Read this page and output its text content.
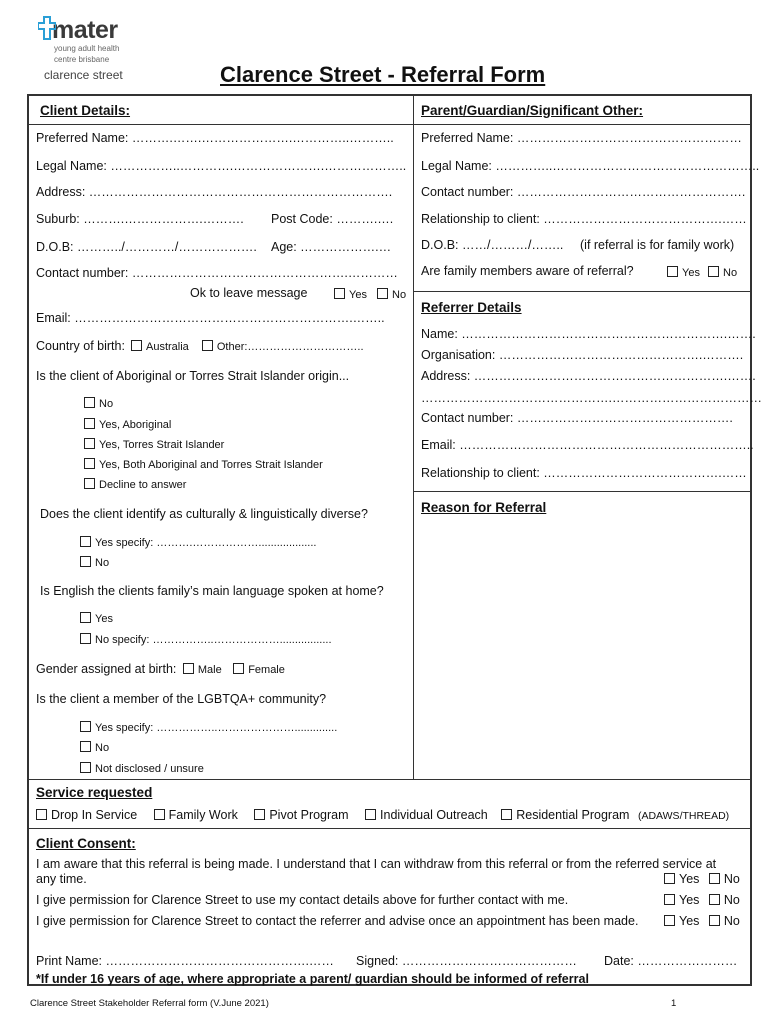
mater
young adult health
centre brisbane
clarence street	Clarence Street - Referral Form
Client Details:
Preferred Name: ……….…….………………….…………..………..
Legal Name: ……………..………….………………….………………..
Address: ……………………………………………………………….
Suburb: ……….……………….………. Post Code: ……….….
D.O.B: ………../…………/………………. Age: ……………….…
Contact number: …………………………………………….…………
Ok to leave message	Yes	No
Email: ………………………………………………………….……..
Country of birth: Australia	Other:…………………………..
Is the client of Aboriginal or Torres Strait Islander origin...
No
Yes, Aboriginal
Yes, Torres Strait Islander
Yes, Both Aboriginal and Torres Strait Islander
Decline to answer
Does the client identify as culturally & linguistically diverse?
Yes specify: ……….………………...................
No
Is English the clients family’s main language spoken at home?
Yes
No specify: ……………..……………….................
Gender assigned at birth: Male Female
Is the client a member of the LGBTQA+ community?
Yes specify: ……………..…………………..............
No
Not disclosed / unsure
Parent/Guardian/Significant Other:
Preferred Name: ………………………………………………
Legal Name: …………..…………………………………………..
Contact number: ……………………………………………….
Relationship to client: …………………………………….……
D.O.B: ……/………/…….. (if referral is for family work)
Are family members aware of referral?	Yes	No
Referrer Details
Name: ……………………………………………………….…….
Organisation: ………………………………………….……….
Address: …………………………………………………….…….
……………………………………….………………………………
Contact number: …………………………………………….
Email: ……………………………………………………………..
Relationship to client: …………………………………….……
Reason for Referral
Service requested
Drop In Service	Family Work	Pivot Program	Individual Outreach Residential Program (ADAWS/THREAD)
Client Consent:
I am aware that this referral is being made. I understand that I can withdraw from this referral or from the referred service at
any time.	Yes No
I give permission for Clarence Street to use my contact details above for further contact with me.	Yes No
I give permission for Clarence Street to contact the referrer and advise once an appointment has been made.	Yes No
Print Name: ………………………………………….…… Signed: …………………………………… Date: ……………………
*If under 16 years of age, where appropriate a parent/ guardian should be informed of referral
Clarence Street Stakeholder Referral form (V.June 2021)	1
